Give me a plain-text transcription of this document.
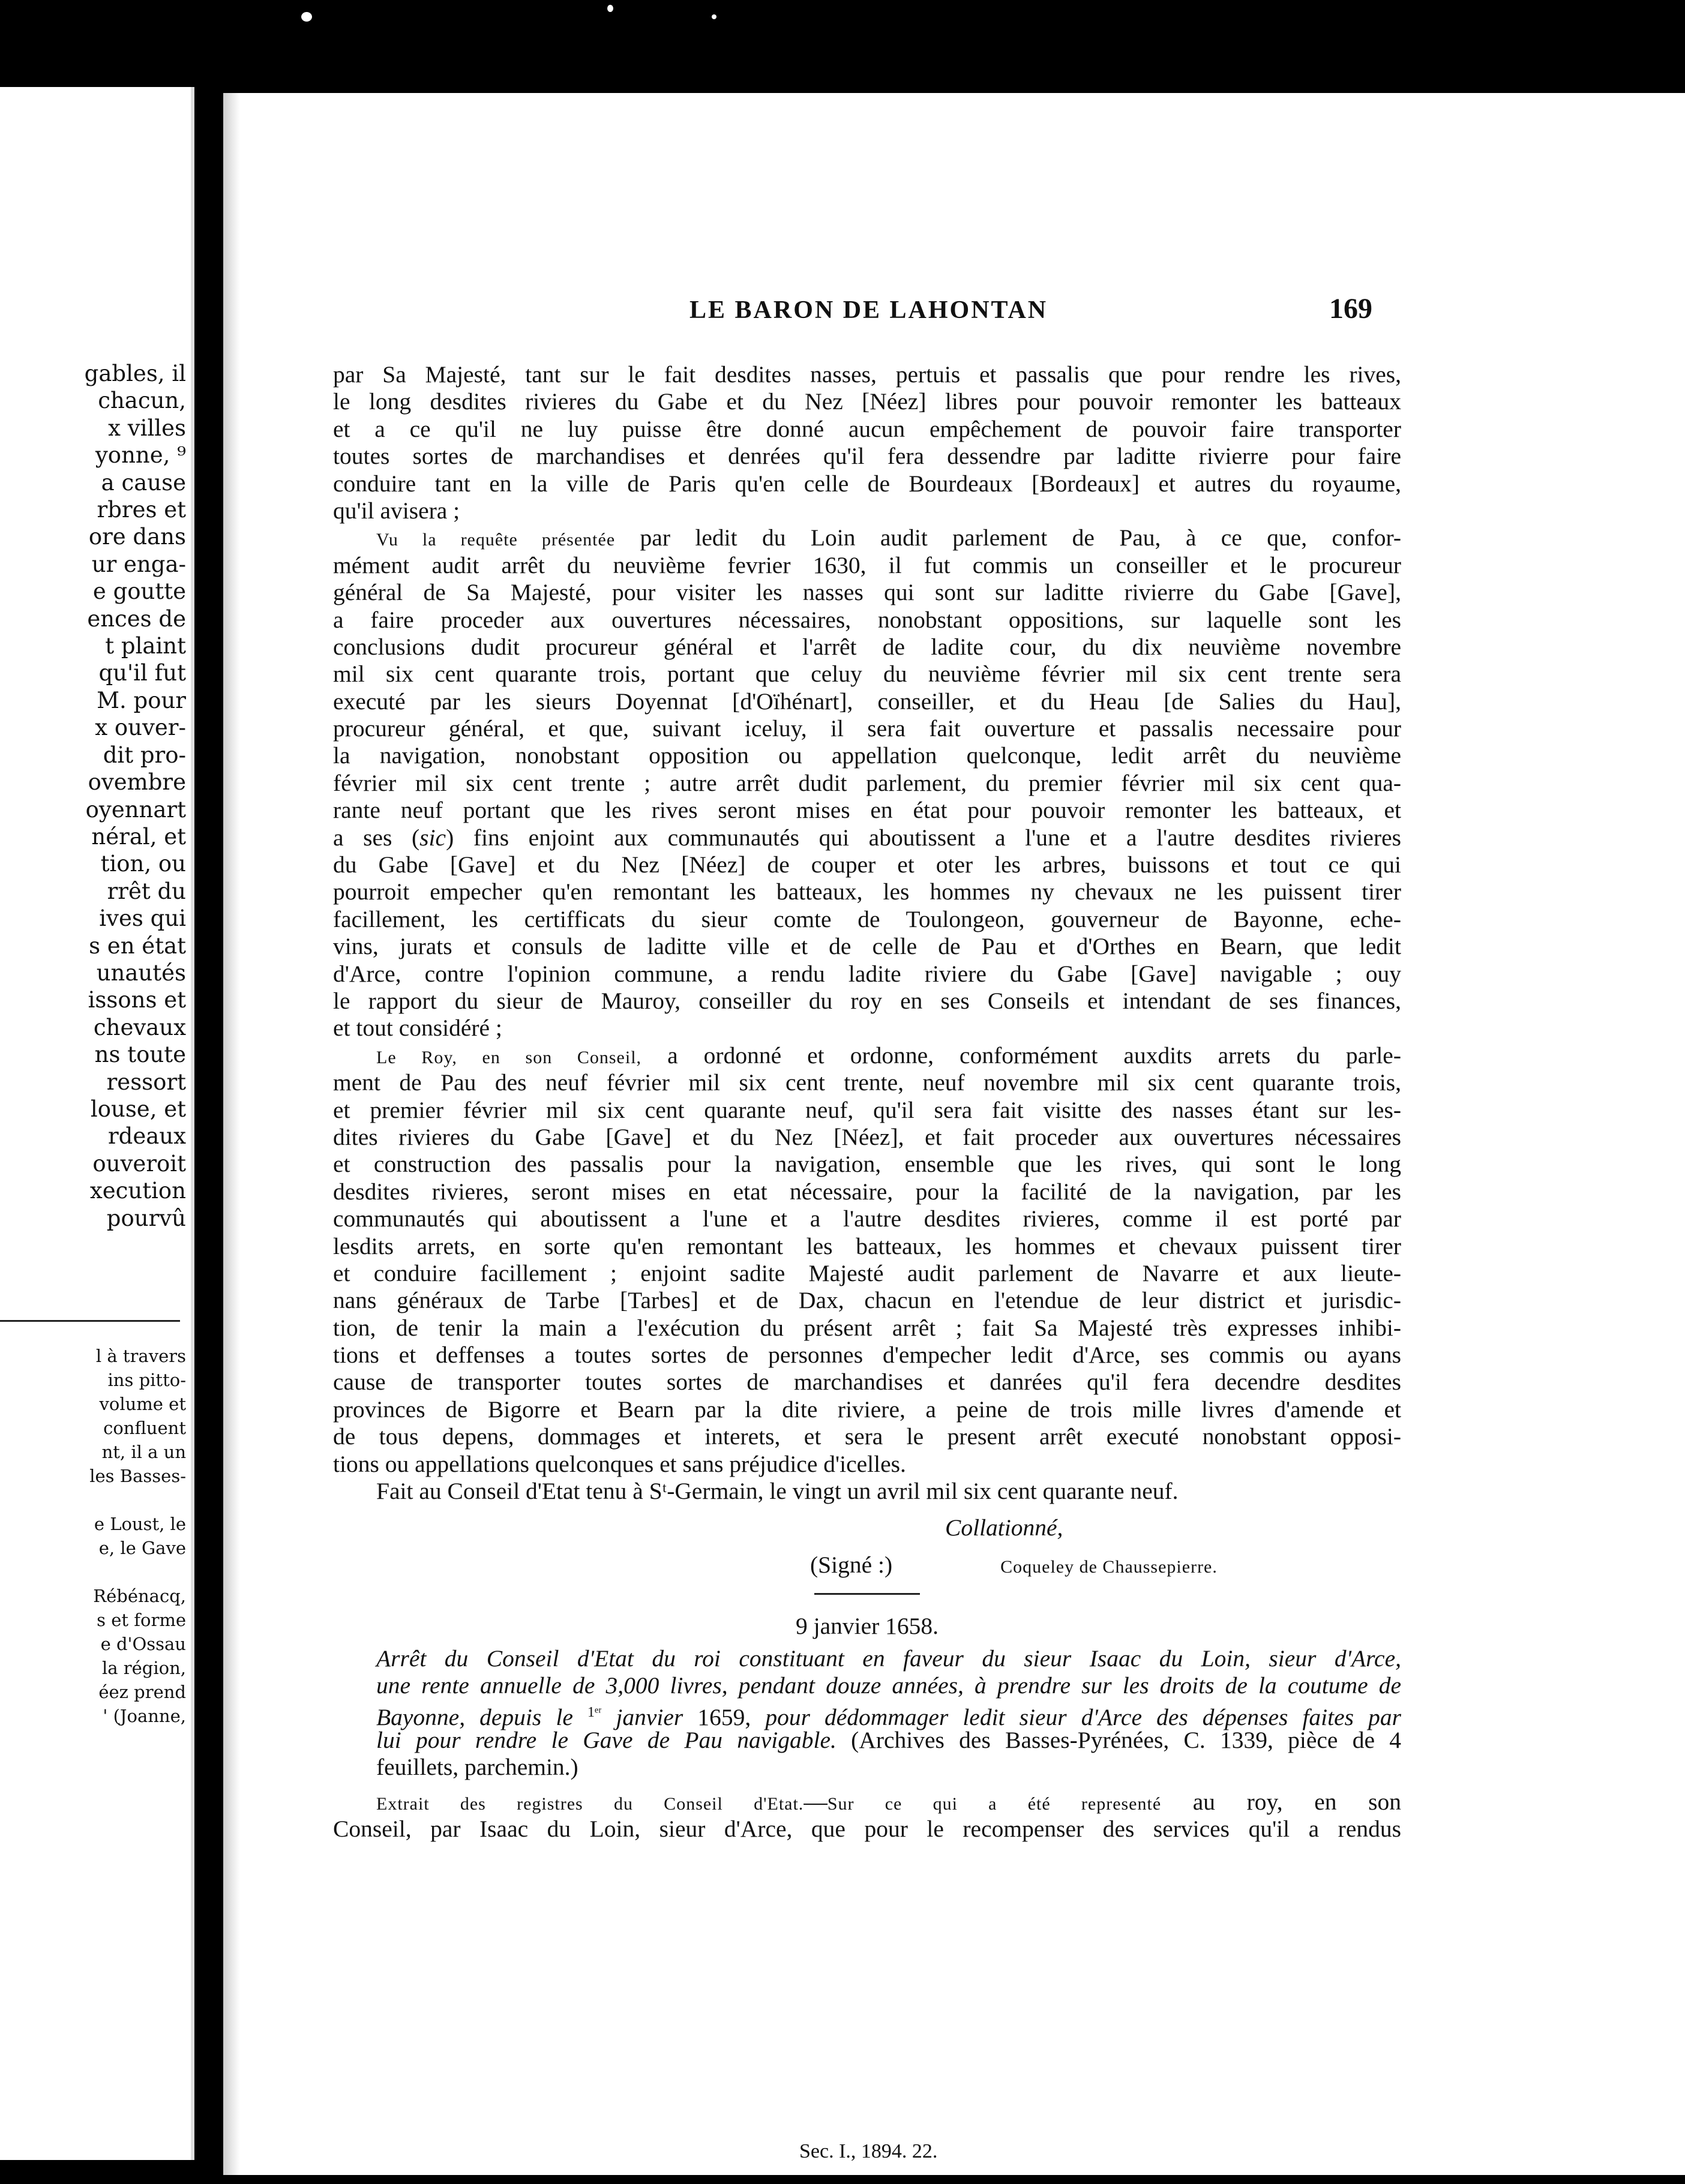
gables, il
chacun,
x villes
yonne, ⁹
a cause
rbres et
ore dans
ur enga-
e goutte
ences de
t plaint
qu'il fut
M. pour
x ouver-
dit pro-
ovembre
oyennart
néral, et
tion, ou
rrêt du
ives qui
s en état
unautés
issons et
chevaux
ns toute
ressort
louse, et
rdeaux
ouveroit
xecution
pourvû
l à travers
ins pitto-
volume et
confluent
nt, il a un
les Basses-
e Loust, le
e, le Gave
Rébénacq,
s et forme
e d'Ossau
la région,
éez prend
' (Joanne,
LE BARON DE LAHONTAN	169
par Sa Majesté, tant sur le fait desdites nasses, pertuis et passalis que pour rendre les rives,
le long desdites rivieres du Gabe et du Nez [Néez] libres pour pouvoir remonter les batteaux
et a ce qu'il ne luy puisse être donné aucun empêchement de pouvoir faire transporter
toutes sortes de marchandises et denrées qu'il fera dessendre par laditte rivierre pour faire
conduire tant en la ville de Paris qu'en celle de Bourdeaux [Bordeaux] et autres du royaume,
qu'il avisera ;
Vu la requête présentée par ledit du Loin audit parlement de Pau, à ce que, confor-
mément audit arrêt du neuvième fevrier 1630, il fut commis un conseiller et le procureur
général de Sa Majesté, pour visiter les nasses qui sont sur laditte rivierre du Gabe [Gave],
a faire proceder aux ouvertures nécessaires, nonobstant oppositions, sur laquelle sont les
conclusions dudit procureur général et l'arrêt de ladite cour, du dix neuvième novembre
mil six cent quarante trois, portant que celuy du neuvième février mil six cent trente sera
executé par les sieurs Doyennat [d'Oïhénart], conseiller, et du Heau [de Salies du Hau],
procureur général, et que, suivant iceluy, il sera fait ouverture et passalis necessaire pour
la navigation, nonobstant opposition ou appellation quelconque, ledit arrêt du neuvième
février mil six cent trente ; autre arrêt dudit parlement, du premier février mil six cent qua-
rante neuf portant que les rives seront mises en état pour pouvoir remonter les batteaux, et
a ses (sic) fins enjoint aux communautés qui aboutissent a l'une et a l'autre desdites rivieres
du Gabe [Gave] et du Nez [Néez] de couper et oter les arbres, buissons et tout ce qui
pourroit empecher qu'en remontant les batteaux, les hommes ny chevaux ne les puissent tirer
facillement, les certifficats du sieur comte de Toulongeon, gouverneur de Bayonne, eche-
vins, jurats et consuls de laditte ville et de celle de Pau et d'Orthes en Bearn, que ledit
d'Arce, contre l'opinion commune, a rendu ladite riviere du Gabe [Gave] navigable ; ouy
le rapport du sieur de Mauroy, conseiller du roy en ses Conseils et intendant de ses finances,
et tout considéré ;
Le Roy, en son Conseil, a ordonné et ordonne, conformément auxdits arrets du parle-
ment de Pau des neuf février mil six cent trente, neuf novembre mil six cent quarante trois,
et premier février mil six cent quarante neuf, qu'il sera fait visitte des nasses étant sur les-
dites rivieres du Gabe [Gave] et du Nez [Néez], et fait proceder aux ouvertures nécessaires
et construction des passalis pour la navigation, ensemble que les rives, qui sont le long
desdites rivieres, seront mises en etat nécessaire, pour la facilité de la navigation, par les
communautés qui aboutissent a l'une et a l'autre desdites rivieres, comme il est porté par
lesdits arrets, en sorte qu'en remontant les batteaux, les hommes et chevaux puissent tirer
et conduire facillement ; enjoint sadite Majesté audit parlement de Navarre et aux lieute-
nans généraux de Tarbe [Tarbes] et de Dax, chacun en l'etendue de leur district et jurisdic-
tion, de tenir la main a l'exécution du présent arrêt ; fait Sa Majesté très expresses inhibi-
tions et deffenses a toutes sortes de personnes d'empecher ledit d'Arce, ses commis ou ayans
cause de transporter toutes sortes de marchandises et danrées qu'il fera decendre desdites
provinces de Bigorre et Bearn par la dite riviere, a peine de trois mille livres d'amende et
de tous depens, dommages et interets, et sera le present arrêt executé nonobstant opposi-
tions ou appellations quelconques et sans préjudice d'icelles.
Fait au Conseil d'Etat tenu à Sᵗ-Germain, le vingt un avril mil six cent quarante neuf.
Collationné,
(Signé :)	Coqueley de Chaussepierre.
9 janvier 1658.
Arrêt du Conseil d'Etat du roi constituant en faveur du sieur Isaac du Loin, sieur d'Arce,
une rente annuelle de 3,000 livres, pendant douze années, à prendre sur les droits de la coutume de
Bayonne, depuis le $^{1ᵉʳ}$ janvier 1659, pour dédommager ledit sieur d'Arce des dépenses faites par
lui pour rendre le Gave de Pau navigable. (Archives des Basses-Pyrénées, C. 1339, pièce de 4
feuillets, parchemin.)
Extrait des registres du Conseil d'Etat.—Sur ce qui a été representé au roy, en son
Conseil, par Isaac du Loin, sieur d'Arce, que pour le recompenser des services qu'il a rendus
Sec. I., 1894. 22.
